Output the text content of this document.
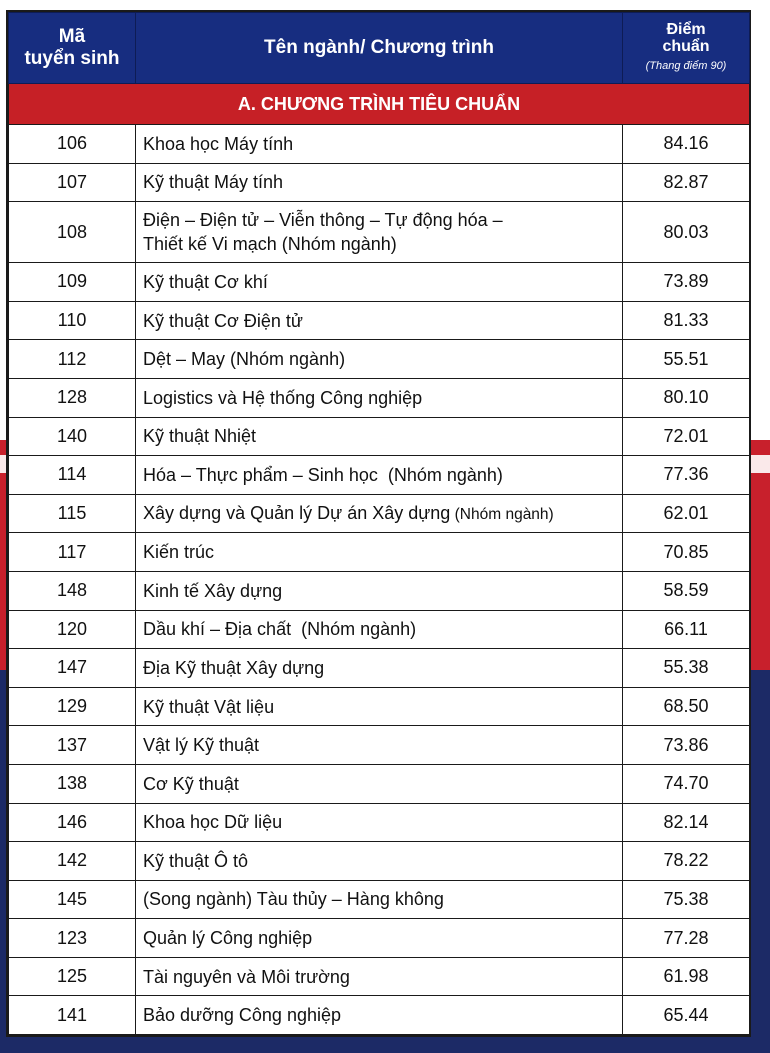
Mã
tuyển sinh	Tên ngành/ Chương trình	Điểm
chuẩn
(Thang điểm 90)

A. CHƯƠNG TRÌNH TIÊU CHUẨN		
106	Khoa học Máy tính	84.16
107	Kỹ thuật Máy tính	82.87
108	Điện – Điện tử – Viễn thông – Tự động hóa –
Thiết kế Vi mạch (Nhóm ngành)	80.03
109	Kỹ thuật Cơ khí	73.89
110	Kỹ thuật Cơ Điện tử	81.33
112	Dệt – May (Nhóm ngành)	55.51
128	Logistics và Hệ thống Công nghiệp	80.10
140	Kỹ thuật Nhiệt	72.01
114	Hóa – Thực phẩm – Sinh học  (Nhóm ngành)	77.36
115	Xây dựng và Quản lý Dự án Xây dựng (Nhóm ngành)	62.01
117	Kiến trúc	70.85
148	Kinh tế Xây dựng	58.59
120	Dầu khí – Địa chất  (Nhóm ngành)	66.11
147	Địa Kỹ thuật Xây dựng	55.38
129	Kỹ thuật Vật liệu	68.50
137	Vật lý Kỹ thuật	73.86
138	Cơ Kỹ thuật	74.70
146	Khoa học Dữ liệu	82.14
142	Kỹ thuật Ô tô	78.22
145	(Song ngành) Tàu thủy – Hàng không	75.38
123	Quản lý Công nghiệp	77.28
125	Tài nguyên và Môi trường	61.98
141	Bảo dưỡng Công nghiệp	65.44
